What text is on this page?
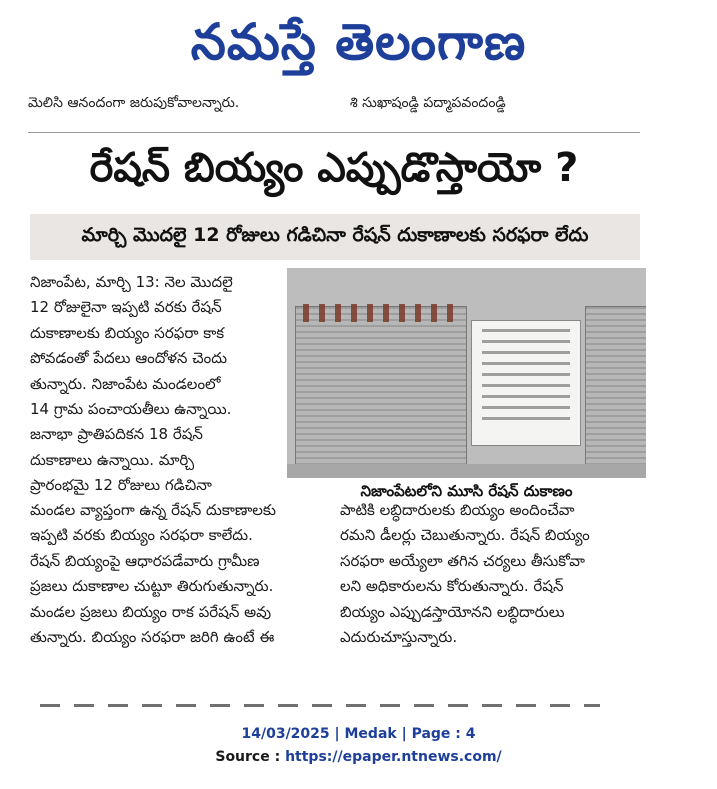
నమస్తే తెలంగాణ
మెలిసి ఆనందంగా జరుపుకోవాలన్నారు.	శి సుఖాషండ్డి పద్మాపవందండ్డి
రేషన్ బియ్యం ఎప్పుడొస్తాయో ?
మార్చి మొదలై 12 రోజులు గడిచినా రేషన్ దుకాణాలకు సరఫరా లేదు
నిజాంపేట, మార్చి 13: నెల మొదలై
12 రోజులైనా ఇప్పటి వరకు రేషన్
దుకాణాలకు బియ్యం సరఫరా కాక
పోవడంతో పేదలు ఆందోళన చెందు
తున్నారు. నిజాంపేట మండలంలో
14 గ్రామ పంచాయతీలు ఉన్నాయి.
జనాభా ప్రాతిపదికన 18 రేషన్
దుకాణాలు ఉన్నాయి. మార్చి
ప్రారంభమై 12 రోజులు గడిచినా
మండల వ్యాప్తంగా ఉన్న రేషన్ దుకాణాలకు
ఇప్పటి వరకు బియ్యం సరఫరా కాలేదు.
రేషన్ బియ్యంపై ఆధారపడేవారు గ్రామీణ
ప్రజలు దుకాణాల చుట్టూ తిరుగుతున్నారు.
మండల ప్రజలు బియ్యం రాక పరేషన్ అవు
తున్నారు. బియ్యం సరఫరా జరిగి ఉంటే ఈ
నిజాంపేటలోని మూసి రేషన్ దుకాణం
పాటికి లబ్ధిదారులకు బియ్యం అందించేవా
రమని డీలర్లు చెబుతున్నారు. రేషన్ బియ్యం
సరఫరా అయ్యేలా తగిన చర్యలు తీసుకోవా
లని అధికారులను కోరుతున్నారు. రేషన్
బియ్యం ఎప్పుడస్తాయోనని లబ్ధిదారులు
ఎదురుచూస్తున్నారు.
14/03/2025 | Medak | Page : 4
Source : https://epaper.ntnews.com/
